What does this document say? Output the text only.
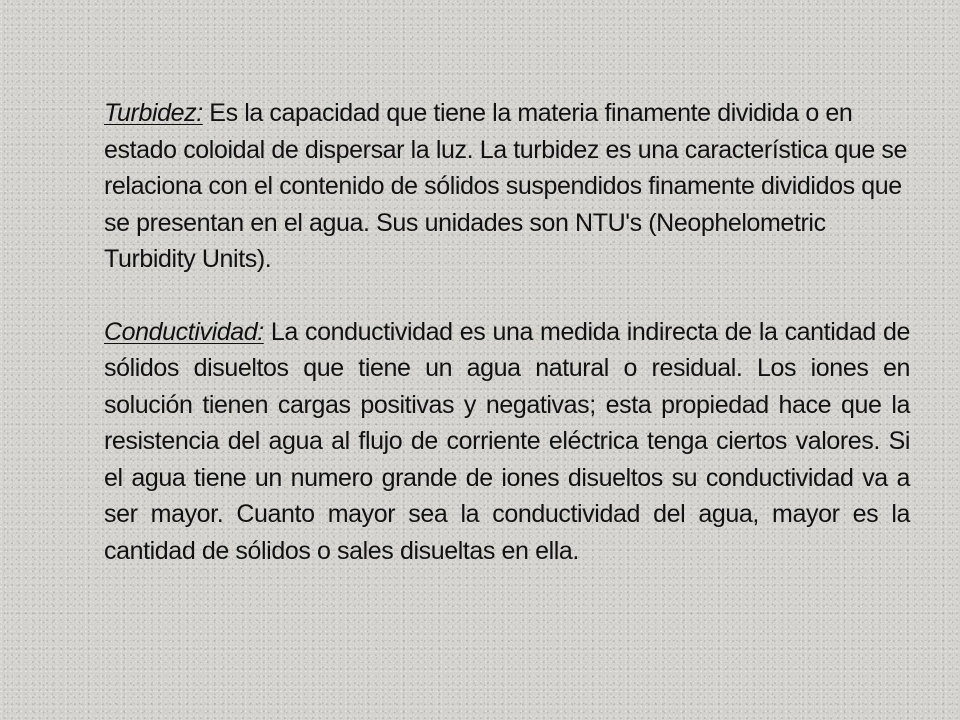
Turbidez: Es la capacidad que tiene la materia finamente dividida o en estado coloidal de dispersar la luz. La turbidez es una característica que se relaciona con el contenido de sólidos suspendidos finamente divididos que se presentan en el agua. Sus unidades son NTU's (Neophelometric Turbidity Units).

Conductividad: La conductividad es una medida indirecta de la cantidad de sólidos disueltos que tiene un agua natural o residual. Los iones en solución tienen cargas positivas y negativas; esta propiedad hace que la resistencia del agua al flujo de corriente eléctrica tenga ciertos valores. Si el agua tiene un numero grande de iones disueltos su conductividad va a ser mayor. Cuanto mayor sea la conductividad del agua, mayor es la cantidad de sólidos o sales disueltas en ella.
